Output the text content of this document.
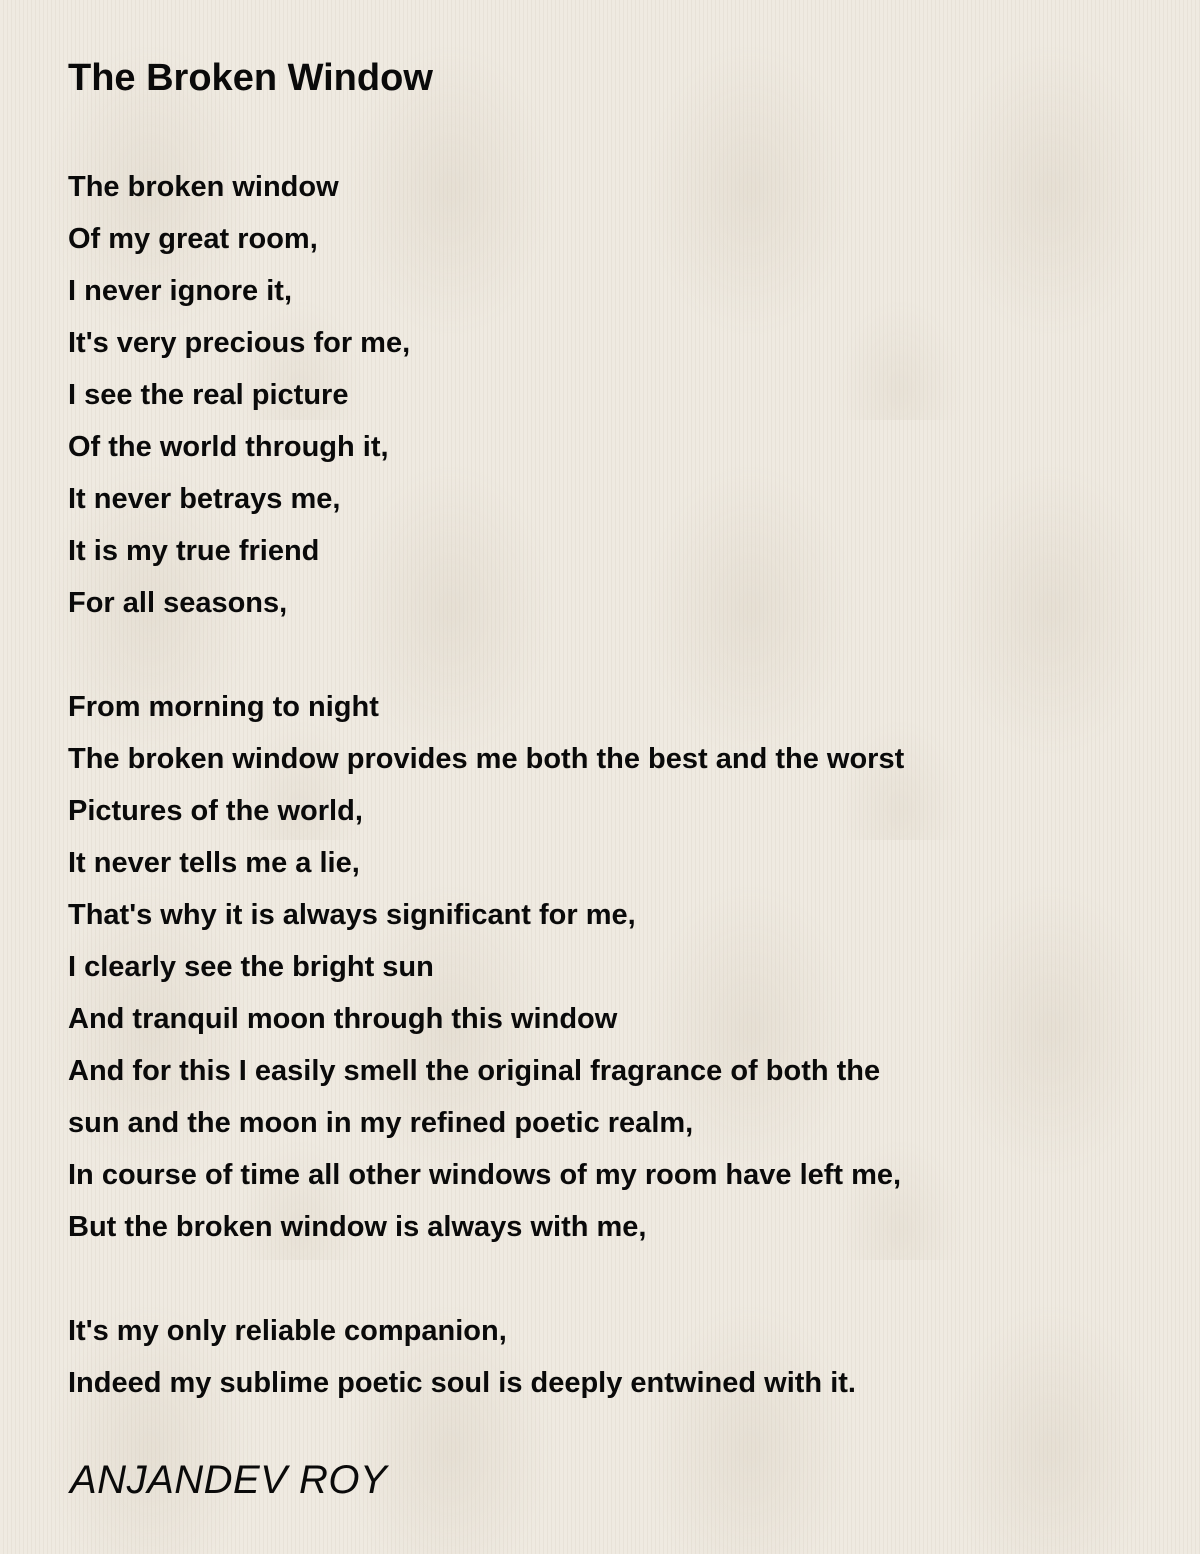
The Broken Window
The broken window
Of my great room,
I never ignore it,
It's very precious for me,
I see the real picture
Of the world through it,
It never betrays me,
It is my true friend
For all seasons,
From morning to night
The broken window provides me both the best and the worst
Pictures of the world,
It never tells me a lie,
That's why it is always significant for me,
I clearly see the bright sun
And tranquil moon through this window
And for this I easily smell the original fragrance of both the
sun and the moon in my refined poetic realm,
In course of time all other windows of my room have left me,
But the broken window is always with me,
It's my only reliable companion,
Indeed my sublime poetic soul is deeply entwined with it.
ANJANDEV ROY
